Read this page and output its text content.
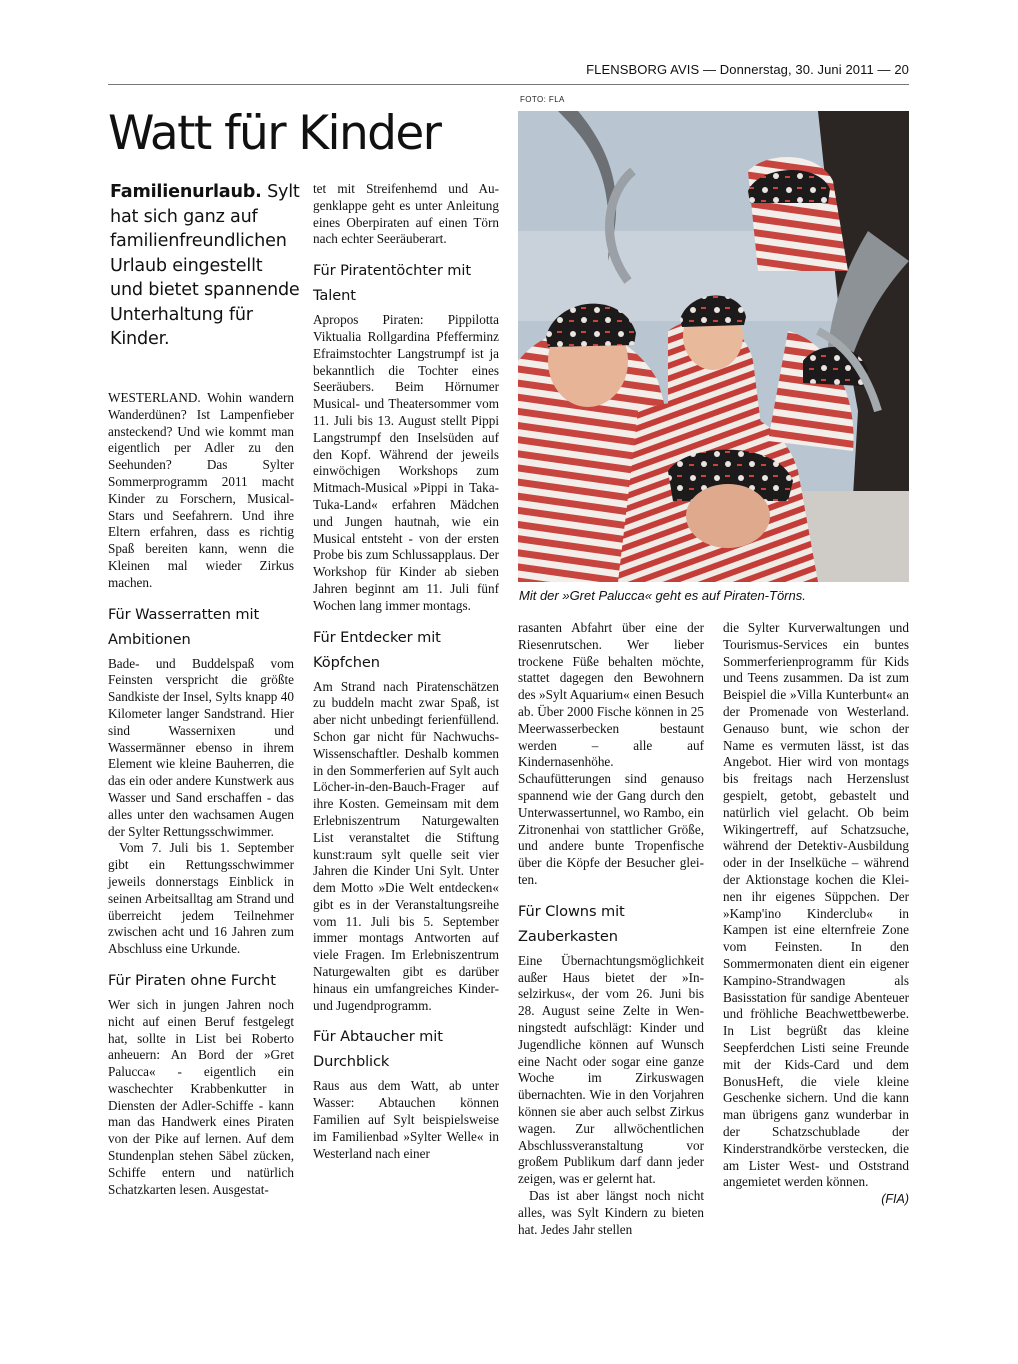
FLENSBORG AVIS — Donnerstag, 30. Juni 2011 — 20
Watt für Kinder

Familienurlaub. Sylt hat sich ganz auf familienfreundlichen Urlaub eingestellt und bietet spannende Unterhaltung für Kinder.

WESTERLAND. Wohin wandern Wanderdünen? Ist Lampenfieber ansteckend? Und wie kommt man eigentlich per Adler zu den Seehunden? Das Sylter Sommerprogramm 2011 macht Kinder zu Forschern, Musical-Stars und Seefahrern. Und ihre Eltern erfahren, dass es richtig Spaß bereiten kann, wenn die Kleinen mal wieder Zirkus machen.

Für Wasserratten mit Ambitionen

Bade- und Buddelspaß vom Feinsten verspricht die größte Sandkiste der Insel, Sylts knapp 40 Kilometer langer Sandstrand. Hier sind Wassernixen und Wassermänner ebenso in ihrem Element wie kleine Bauherren, die das ein oder andere Kunstwerk aus Wasser und Sand erschaffen - das alles unter den wachsamen Augen der Sylter Rettungsschwimmer.

Vom 7. Juli bis 1. September gibt ein Rettungsschwimmer jeweils donnerstags Einblick in seinen Arbeitsalltag am Strand und überreicht jedem Teilnehmer zwischen acht und 16 Jahren zum Abschluss eine Urkunde.

Für Piraten ohne Furcht

Wer sich in jungen Jahren noch nicht auf einen Beruf festgelegt hat, sollte in List bei Roberto anheuern: An Bord der »Gret Palucca« - eigentlich ein waschechter Krabbenkutter in Diensten der Adler-Schiffe - kann man das Handwerk eines Piraten von der Pike auf lernen. Auf dem Stundenplan stehen Säbel zücken, Schiffe entern und natürlich Schatzkarten lesen. Ausgestat-

tet mit Streifenhemd und Augenklappe geht es unter Anleitung eines Oberpiraten auf einen Törn nach echter Seeräuberart.

Für Piratentöchter mit Talent

Apropos Piraten: Pippilotta Viktualia Rollgardina Pfefferminz Efraimstochter Langstrumpf ist ja bekanntlich die Tochter eines Seeräubers. Beim Hörnumer Musical- und Theatersommer vom 11. Juli bis 13. August stellt Pippi Langstrumpf den Inselsüden auf den Kopf. Während der jeweils einwöchigen Workshops zum Mitmach-Musical »Pippi in Taka-Tuka-Land« erfahren Mädchen und Jungen hautnah, wie ein Musical entsteht - von der ersten Probe bis zum Schlussapplaus. Der Workshop für Kinder ab sieben Jahren beginnt am 11. Juli fünf Wochen lang immer montags.

Für Entdecker mit Köpfchen

Am Strand nach Piratenschätzen zu buddeln macht zwar Spaß, ist aber nicht unbedingt ferienfüllend. Schon gar nicht für Nachwuchs-Wissenschaftler. Deshalb kommen in den Sommerferien auf Sylt auch Löcher-in-den-Bauch-Frager auf ihre Kosten. Gemeinsam mit dem Erlebniszentrum Naturgewalten List veranstaltet die Stiftung kunst:raum sylt quelle seit vier Jahren die Kinder Uni Sylt. Unter dem Motto »Die Welt entdecken« gibt es in der Veranstaltungsreihe vom 11. Juli bis 5. September immer montags Antworten auf viele Fragen. Im Erlebniszentrum Naturgewalten gibt es darüber hinaus ein umfangreiches Kinder- und Jugendprogramm.

Für Abtaucher mit Durchblick

Raus aus dem Watt, ab unter Wasser: Abtauchen können Familien auf Sylt beispielsweise im Familienbad »Sylter Welle« in Westerland nach einer

FOTO: FLA
Mit der »Gret Palucca« geht es auf Piraten-Törns.

rasanten Abfahrt über eine der Riesenrutschen. Wer lieber trockene Füße behalten möchte, stattet dagegen den Bewohnern des »Sylt Aquarium« einen Besuch ab. Über 2000 Fische können in 25 Meerwasserbecken bestaunt werden – alle auf Kindernasenhöhe. Schaufütterungen sind genauso spannend wie der Gang durch den Unterwassertunnel, wo Rambo, ein Zitronenhai von stattlicher Größe, und andere bunte Tropenfische über die Köpfe der Besucher gleiten.

Für Clowns mit Zauberkasten

Eine Übernachtungsmöglichkeit außer Haus bietet der »Inselzirkus«, der vom 26. Juni bis 28. August seine Zelte in Wenningstedt aufschlägt: Kinder und Jugendliche können auf Wunsch eine Nacht oder sogar eine ganze Woche im Zirkuswagen übernachten. Wie in den Vorjahren können sie aber auch selbst Zirkus wagen. Zur allwöchentlichen Abschlussveranstaltung vor großem Publikum darf dann jeder zeigen, was er gelernt hat.

Das ist aber längst noch nicht alles, was Sylt Kindern zu bieten hat. Jedes Jahr stellen

die Sylter Kurverwaltungen und Tourismus-Services ein buntes Sommerferienprogramm für Kids und Teens zusammen. Da ist zum Beispiel die »Villa Kunterbunt« an der Promenade von Westerland. Genauso bunt, wie schon der Name es vermuten lässt, ist das Angebot. Hier wird von montags bis freitags nach Herzenslust gespielt, getobt, gebastelt und natürlich viel gelacht. Ob beim Wikingertreff, auf Schatzsuche, während der Detektiv-Ausbildung oder in der Inselküche – während der Aktionstage kochen die Kleinen ihr eigenes Süppchen. Der »Kamp'ino Kinderclub« in Kampen ist eine elternfreie Zone vom Feinsten. In den Sommermonaten dient ein eigener Kampino-Strandwagen als Basisstation für sandige Abenteuer und fröhliche Beachwettbewerbe. In List begrüßt das kleine Seepferdchen Listi seine Freunde mit der Kids-Card und dem BonusHeft, die viele kleine Geschenke sichern. Und die kann man übrigens ganz wunderbar in der Schatzschublade der Kinderstrandkörbe verstecken, die am Lister West- und Oststrand angemietet werden können.

(FIA)
